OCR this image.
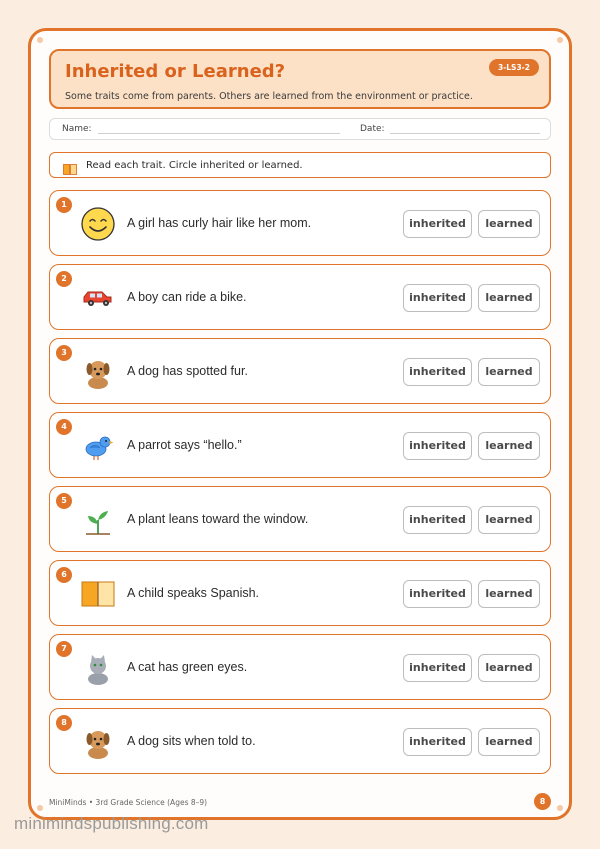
Inherited or Learned?
Some traits come from parents. Others are learned from the environment or practice.
3-LS3-2
Name:	Date:
Read each trait. Circle inherited or learned.
1
A girl has curly hair like her mom.	inherited	learned
2
A boy can ride a bike.	inherited	learned
3
A dog has spotted fur.	inherited	learned
4
A parrot says “hello.”	inherited	learned
5
A plant leans toward the window.	inherited	learned
6
A child speaks Spanish.	inherited	learned
7
A cat has green eyes.	inherited	learned
8
A dog sits when told to.	inherited	learned
MiniMinds • 3rd Grade Science (Ages 8–9)	8
minimindspublishing.com
